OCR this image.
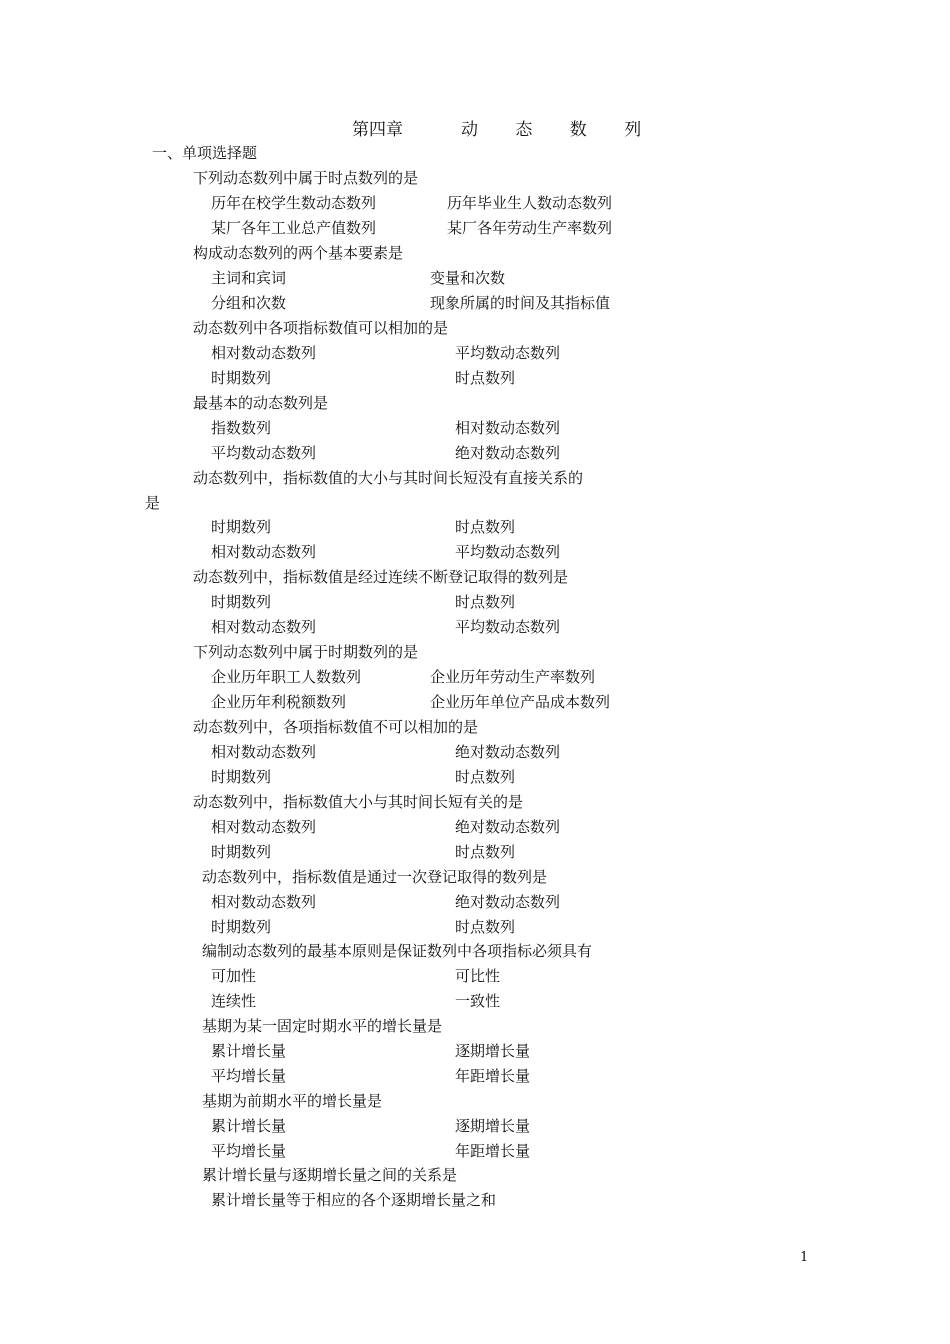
第四章	动 态 数 列
一、单项选择题
下列动态数列中属于时点数列的是
历年在校学生数动态数列	历年毕业生人数动态数列
某厂各年工业总产值数列	某厂各年劳动生产率数列
构成动态数列的两个基本要素是
主词和宾词	变量和次数
分组和次数	现象所属的时间及其指标值
动态数列中各项指标数值可以相加的是
相对数动态数列	平均数动态数列
时期数列	时点数列
最基本的动态数列是
指数数列	相对数动态数列
平均数动态数列	绝对数动态数列
动态数列中，指标数值的大小与其时间长短没有直接关系的
是
时期数列	时点数列
相对数动态数列	平均数动态数列
动态数列中，指标数值是经过连续不断登记取得的数列是
时期数列	时点数列
相对数动态数列	平均数动态数列
下列动态数列中属于时期数列的是
企业历年职工人数数列	企业历年劳动生产率数列
企业历年利税额数列	企业历年单位产品成本数列
动态数列中，各项指标数值不可以相加的是
相对数动态数列	绝对数动态数列
时期数列	时点数列
动态数列中，指标数值大小与其时间长短有关的是
相对数动态数列	绝对数动态数列
时期数列	时点数列
动态数列中，指标数值是通过一次登记取得的数列是
相对数动态数列	绝对数动态数列
时期数列	时点数列
编制动态数列的最基本原则是保证数列中各项指标必须具有
可加性	可比性
连续性	一致性
基期为某一固定时期水平的增长量是
累计增长量	逐期增长量
平均增长量	年距增长量
基期为前期水平的增长量是
累计增长量	逐期增长量
平均增长量	年距增长量
累计增长量与逐期增长量之间的关系是
累计增长量等于相应的各个逐期增长量之和
1
